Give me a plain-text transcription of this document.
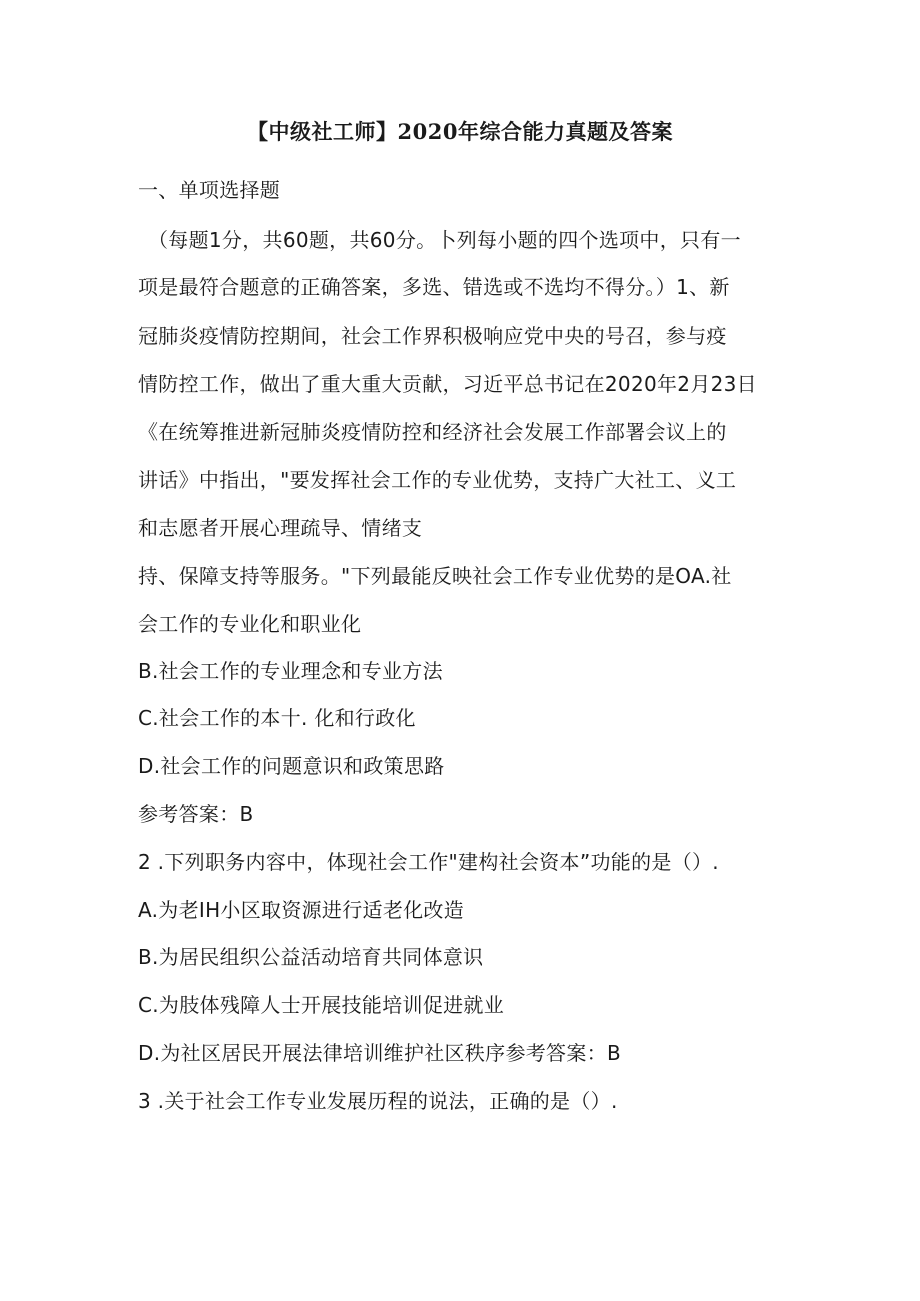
【中级社工师】2020年综合能力真题及答案
一、单项选择题
（每题1分，共60题，共60分。卜列每小题的四个选项中，只有一
项是最符合题意的正确答案，多选、错选或不选均不得分。）1、新
冠肺炎疫情防控期间，社会工作界积极响应党中央的号召，参与疫
情防控工作，做出了重大重大贡献，习近平总书记在2020年2月23日
《在统筹推进新冠肺炎疫情防控和经济社会发展工作部署会议上的
讲话》中指出，"要发挥社会工作的专业优势，支持广大社工、义工
和志愿者开展心理疏导、情绪支
持、保障支持等服务。"下列最能反映社会工作专业优势的是OA.社
会工作的专业化和职业化
B.社会工作的专业理念和专业方法
C.社会工作的本十. 化和行政化
D.社会工作的问题意识和政策思路
参考答案：B
2 .下列职务内容中，体现社会工作"建构社会资本”功能的是（）.
A.为老IH小区取资源进行适老化改造
B.为居民组织公益活动培育共同体意识
C.为肢体残障人士开展技能培训促进就业
D.为社区居民开展法律培训维护社区秩序参考答案：B
3 .关于社会工作专业发展历程的说法，正确的是（）.
